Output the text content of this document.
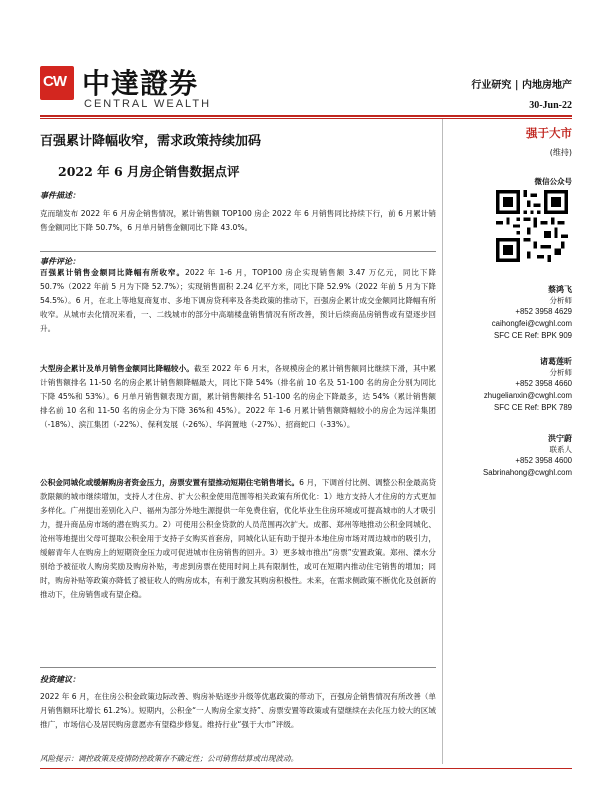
CW 中達證券
CENTRAL WEALTH
行业研究 | 内地房地产
30-Jun-22
百强累计降幅收窄，需求政策持续加码
2022 年 6 月房企销售数据点评
事件描述：
克而瑞发布 2022 年 6 月房企销售情况，累计销售额 TOP100 房企 2022 年 6 月销售同比持续下行，前 6 月累计销售金额同比下降 50.7%，6 月单月销售金额同比下降 43.0%。
事件评论：
百强累计销售金额同比降幅有所收窄。2022 年 1-6 月，TOP100 房企实现销售额 3.47 万亿元，同比下降 50.7%（2022 年前 5 月为下降 52.7%）；实现销售面积 2.24 亿平方米，同比下降 52.9%（2022 年前 5 月为下降 54.5%）。6 月，在北上等地复商复市、多地下调房贷利率及各类政策的推动下，百强房企累计成交金额同比降幅有所收窄。从城市去化情况来看，一、二线城市的部分中高端楼盘销售情况有所改善，预计后续商品房销售或有望逐步回升。
大型房企累计及单月销售金额同比降幅较小。截至 2022 年 6 月末，各规模房企的累计销售额同比继续下滑，其中累计销售额排名 11-50 名的房企累计销售额降幅最大，同比下降 54%（排名前 10 名及 51-100 名的房企分别为同比下降 45%和 53%）。6 月单月销售额表现方面，累计销售额排名 51-100 名的房企下降最多，达 54%（累计销售额排名前 10 名和 11-50 名的房企分为下降 36%和 45%）。2022 年 1-6 月累计销售额降幅较小的房企为远洋集团（-18%）、滨江集团（-22%）、保利发展（-26%）、华润置地（-27%）、招商蛇口（-33%）。
公积金同城化或缓解购房者资金压力，房票安置有望推动短期住宅销售增长。6 月，下调首付比例、调整公积金最高贷款限额的城市继续增加，支持人才住房、扩大公积金使用范围等相关政策有所优化：1）地方支持人才住房的方式更加多样化。广州提出差别化入户、福州为部分外地生源提供一年免费住宿，优化毕业生住房环境或可提高城市的人才吸引力，提升商品房市场的潜在购买力。2）可使用公积金贷款的人员范围再次扩大。成都、郑州等地推动公积金同城化、沧州等地提出父母可提取公积金用于支持子女购买首套房，同城化认证有助于提升本地住房市场对周边城市的吸引力，缓解青年人在购房上的短期资金压力或可促进城市住房销售的回升。3）更多城市推出“房票”安置政策。郑州、溧水分别给予被征收人购房奖励及购房补贴，考虑到房票在使用时间上具有限制性，或可在短期内推动住宅销售的增加；同时，购房补贴等政策亦降低了被征收人的购房成本，有利于激发其购房积极性。未来，在需求侧政策不断优化及创新的推动下，住房销售或有望企稳。
投资建议：
2022 年 6 月，在住房公积金政策边际改善、购房补贴逐步升级等优惠政策的带动下，百强房企销售情况有所改善（单月销售额环比增长 61.2%）。短期内，公积金“一人购房全家支持”、房票安置等政策或有望继续在去化压力较大的区域推广，市场信心及居民购房意愿亦有望稳步修复。维持行业“强于大市”评级。
风险提示：调控政策及疫情防控政策存不确定性；公司销售结算或出现波动。
强于大市
(维持)
微信公众号
蔡鸿飞
分析师
+852 3958 4629
caihongfei@cwghl.com
SFC CE Ref: BPK 909
诸葛莲昕
分析师
+852 3958 4660
zhugelianxin@cwghl.com
SFC CE Ref: BPK 789
洪宁蔚
联系人
+852 3958 4600
Sabrinahong@cwghl.com
